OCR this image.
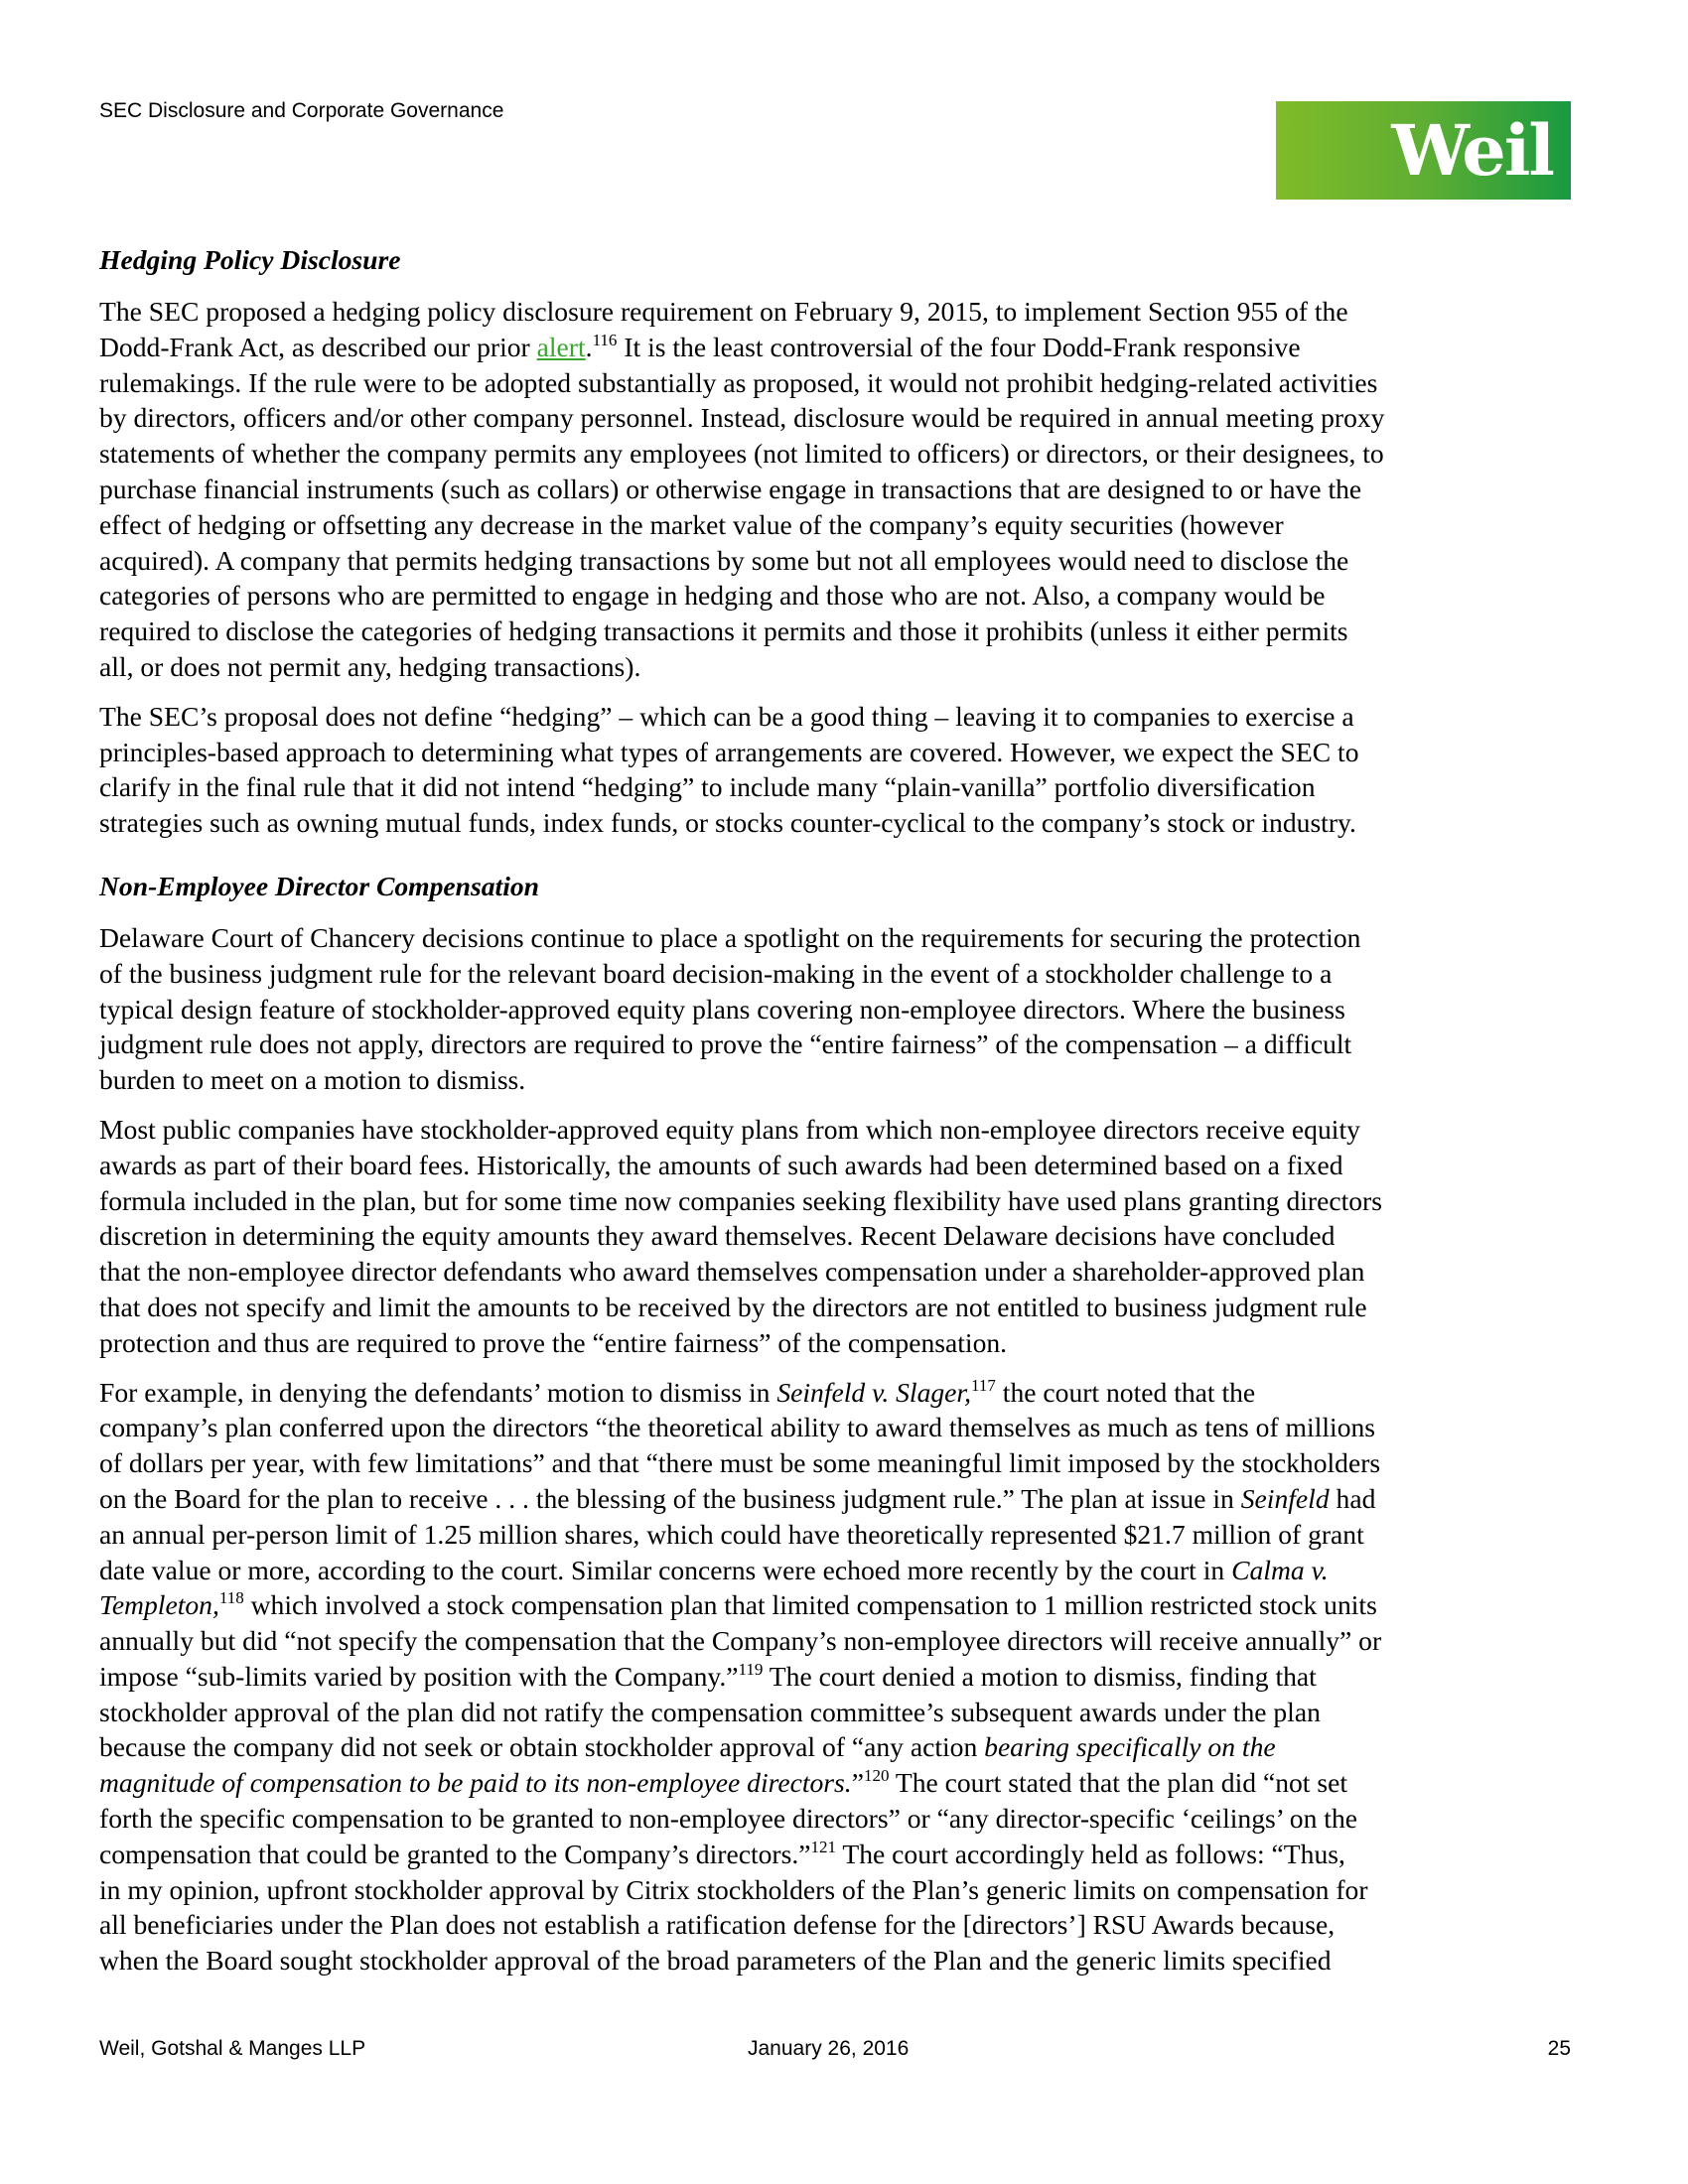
SEC Disclosure and Corporate Governance	Weil
Hedging Policy Disclosure
The SEC proposed a hedging policy disclosure requirement on February 9, 2015, to implement Section 955 of the
Dodd-Frank Act, as described our prior alert.$^{116}$ It is the least controversial of the four Dodd-Frank responsive
rulemakings. If the rule were to be adopted substantially as proposed, it would not prohibit hedging-related activities
by directors, officers and/or other company personnel. Instead, disclosure would be required in annual meeting proxy
statements of whether the company permits any employees (not limited to officers) or directors, or their designees, to
purchase financial instruments (such as collars) or otherwise engage in transactions that are designed to or have the
effect of hedging or offsetting any decrease in the market value of the company’s equity securities (however
acquired). A company that permits hedging transactions by some but not all employees would need to disclose the
categories of persons who are permitted to engage in hedging and those who are not. Also, a company would be
required to disclose the categories of hedging transactions it permits and those it prohibits (unless it either permits
all, or does not permit any, hedging transactions).
The SEC’s proposal does not define “hedging” – which can be a good thing – leaving it to companies to exercise a
principles-based approach to determining what types of arrangements are covered. However, we expect the SEC to
clarify in the final rule that it did not intend “hedging” to include many “plain-vanilla” portfolio diversification
strategies such as owning mutual funds, index funds, or stocks counter-cyclical to the company’s stock or industry.
Non-Employee Director Compensation
Delaware Court of Chancery decisions continue to place a spotlight on the requirements for securing the protection
of the business judgment rule for the relevant board decision-making in the event of a stockholder challenge to a
typical design feature of stockholder-approved equity plans covering non-employee directors. Where the business
judgment rule does not apply, directors are required to prove the “entire fairness” of the compensation – a difficult
burden to meet on a motion to dismiss.
Most public companies have stockholder-approved equity plans from which non-employee directors receive equity
awards as part of their board fees. Historically, the amounts of such awards had been determined based on a fixed
formula included in the plan, but for some time now companies seeking flexibility have used plans granting directors
discretion in determining the equity amounts they award themselves. Recent Delaware decisions have concluded
that the non-employee director defendants who award themselves compensation under a shareholder-approved plan
that does not specify and limit the amounts to be received by the directors are not entitled to business judgment rule
protection and thus are required to prove the “entire fairness” of the compensation.
For example, in denying the defendants’ motion to dismiss in Seinfeld v. Slager,$^{117}$ the court noted that the
company’s plan conferred upon the directors “the theoretical ability to award themselves as much as tens of millions
of dollars per year, with few limitations” and that “there must be some meaningful limit imposed by the stockholders
on the Board for the plan to receive . . . the blessing of the business judgment rule.” The plan at issue in Seinfeld had
an annual per-person limit of 1.25 million shares, which could have theoretically represented $21.7 million of grant
date value or more, according to the court. Similar concerns were echoed more recently by the court in Calma v.
Templeton,$^{118}$ which involved a stock compensation plan that limited compensation to 1 million restricted stock units
annually but did “not specify the compensation that the Company’s non-employee directors will receive annually” or
impose “sub-limits varied by position with the Company.”$^{119}$ The court denied a motion to dismiss, finding that
stockholder approval of the plan did not ratify the compensation committee’s subsequent awards under the plan
because the company did not seek or obtain stockholder approval of “any action bearing specifically on the
magnitude of compensation to be paid to its non-employee directors.”$^{120}$ The court stated that the plan did “not set
forth the specific compensation to be granted to non-employee directors” or “any director-specific ‘ceilings’ on the
compensation that could be granted to the Company’s directors.”$^{121}$ The court accordingly held as follows: “Thus,
in my opinion, upfront stockholder approval by Citrix stockholders of the Plan’s generic limits on compensation for
all beneficiaries under the Plan does not establish a ratification defense for the [directors’] RSU Awards because,
when the Board sought stockholder approval of the broad parameters of the Plan and the generic limits specified
Weil, Gotshal & Manges LLP	January 26, 2016	25
